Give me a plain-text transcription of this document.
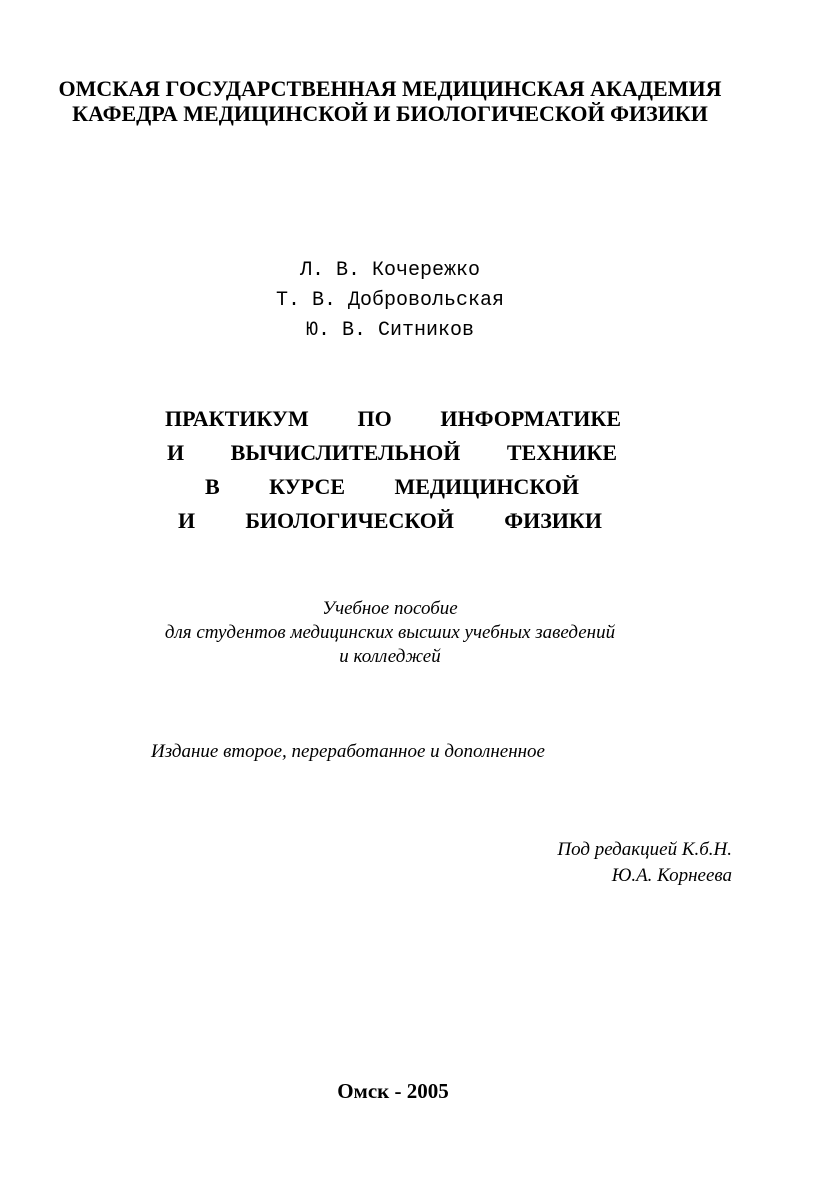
ОМСКАЯ ГОСУДАРСТВЕННАЯ МЕДИЦИНСКАЯ АКАДЕМИЯ
КАФЕДРА МЕДИЦИНСКОЙ И БИОЛОГИЧЕСКОЙ ФИЗИКИ
Л. В. Кочережко
Т. В. Добровольская
Ю. В. Ситников
ПРАКТИКУМ ПО ИНФОРМАТИКЕ
И ВЫЧИСЛИТЕЛЬНОЙ ТЕХНИКЕ
В КУРСЕ МЕДИЦИНСКОЙ
И БИОЛОГИЧЕСКОЙ ФИЗИКИ
Учебное пособие
для студентов медицинских высших учебных заведений
и колледжей
Издание второе, переработанное и дополненное
Под редакцией К.б.Н.
Ю.А. Корнеева
Омск - 2005
